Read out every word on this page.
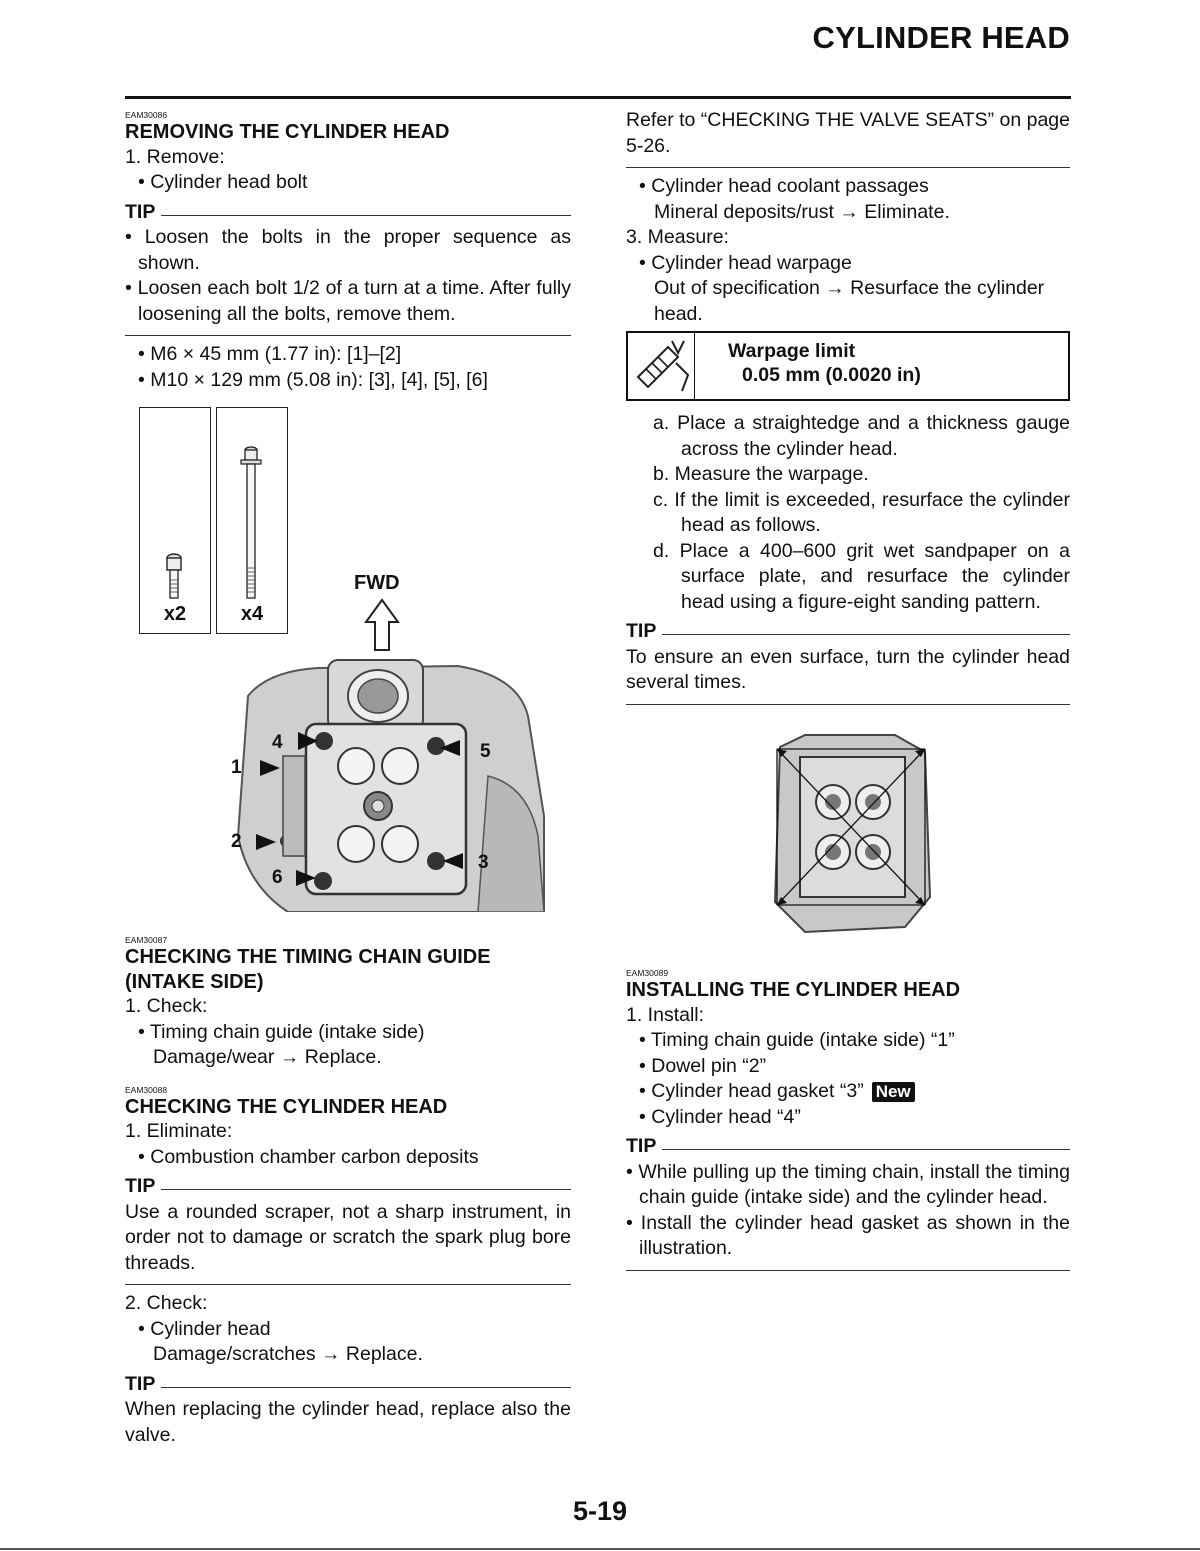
CYLINDER HEAD
EAM30086
REMOVING THE CYLINDER HEAD
1. Remove:
• Cylinder head bolt
TIP
• Loosen the bolts in the proper sequence as shown.
• Loosen each bolt 1/2 of a turn at a time. After fully loosening all the bolts, remove them.
• M6 × 45 mm (1.77 in): [1]–[2]
• M10 × 129 mm (5.08 in): [3], [4], [5], [6]
x2	x4
FWD
4	5
1
2
3
6
EAM30087
CHECKING THE TIMING CHAIN GUIDE (INTAKE SIDE)
1. Check:
• Timing chain guide (intake side)
Damage/wear → Replace.
EAM30088
CHECKING THE CYLINDER HEAD
1. Eliminate:
• Combustion chamber carbon deposits
TIP
Use a rounded scraper, not a sharp instrument, in order not to damage or scratch the spark plug bore threads.
2. Check:
• Cylinder head
Damage/scratches → Replace.
TIP
When replacing the cylinder head, replace also the valve.
Refer to “CHECKING THE VALVE SEATS” on page 5-26.
• Cylinder head coolant passages
Mineral deposits/rust → Eliminate.
3. Measure:
• Cylinder head warpage
Out of specification → Resurface the cylinder head.
Warpage limit
0.05 mm (0.0020 in)
a. Place a straightedge and a thickness gauge across the cylinder head.
b. Measure the warpage.
c. If the limit is exceeded, resurface the cylinder head as follows.
d. Place a 400–600 grit wet sandpaper on a surface plate, and resurface the cylinder head using a figure-eight sanding pattern.
TIP
To ensure an even surface, turn the cylinder head several times.
EAM30089
INSTALLING THE CYLINDER HEAD
1. Install:
• Timing chain guide (intake side) “1”
• Dowel pin “2”
• Cylinder head gasket “3” New
• Cylinder head “4”
TIP
• While pulling up the timing chain, install the timing chain guide (intake side) and the cylinder head.
• Install the cylinder head gasket as shown in the illustration.
5-19
